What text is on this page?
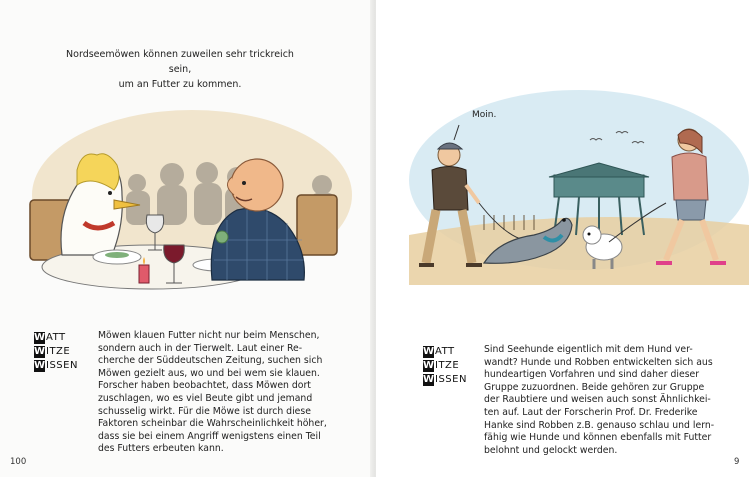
Nordseemöwen können zuweilen sehr trickreich sein,
um an Futter zu kommen.
W ATT
W ITZE
W ISSEN
Möwen klauen Futter nicht nur beim Menschen,
sondern auch in der Tierwelt. Laut einer Re-
cherche der Süddeutschen Zeitung, suchen sich
Möwen gezielt aus, wo und bei wem sie klauen.
Forscher haben beobachtet, dass Möwen dort
zuschlagen, wo es viel Beute gibt und jemand
schusselig wirkt. Für die Möwe ist durch diese
Faktoren scheinbar die Wahrscheinlichkeit höher,
dass sie bei einem Angriff wenigstens einen Teil
des Futters erbeuten kann.
100
Moin.
W ATT
W ITZE
W ISSEN
Sind Seehunde eigentlich mit dem Hund ver-
wandt? Hunde und Robben entwickelten sich aus
hundeartigen Vorfahren und sind daher dieser
Gruppe zuzuordnen. Beide gehören zur Gruppe
der Raubtiere und weisen auch sonst Ähnlichkei-
ten auf. Laut der Forscherin Prof. Dr. Frederike
Hanke sind Robben z.B. genauso schlau und lern-
fähig wie Hunde und können ebenfalls mit Futter
belohnt und gelockt werden.
9
